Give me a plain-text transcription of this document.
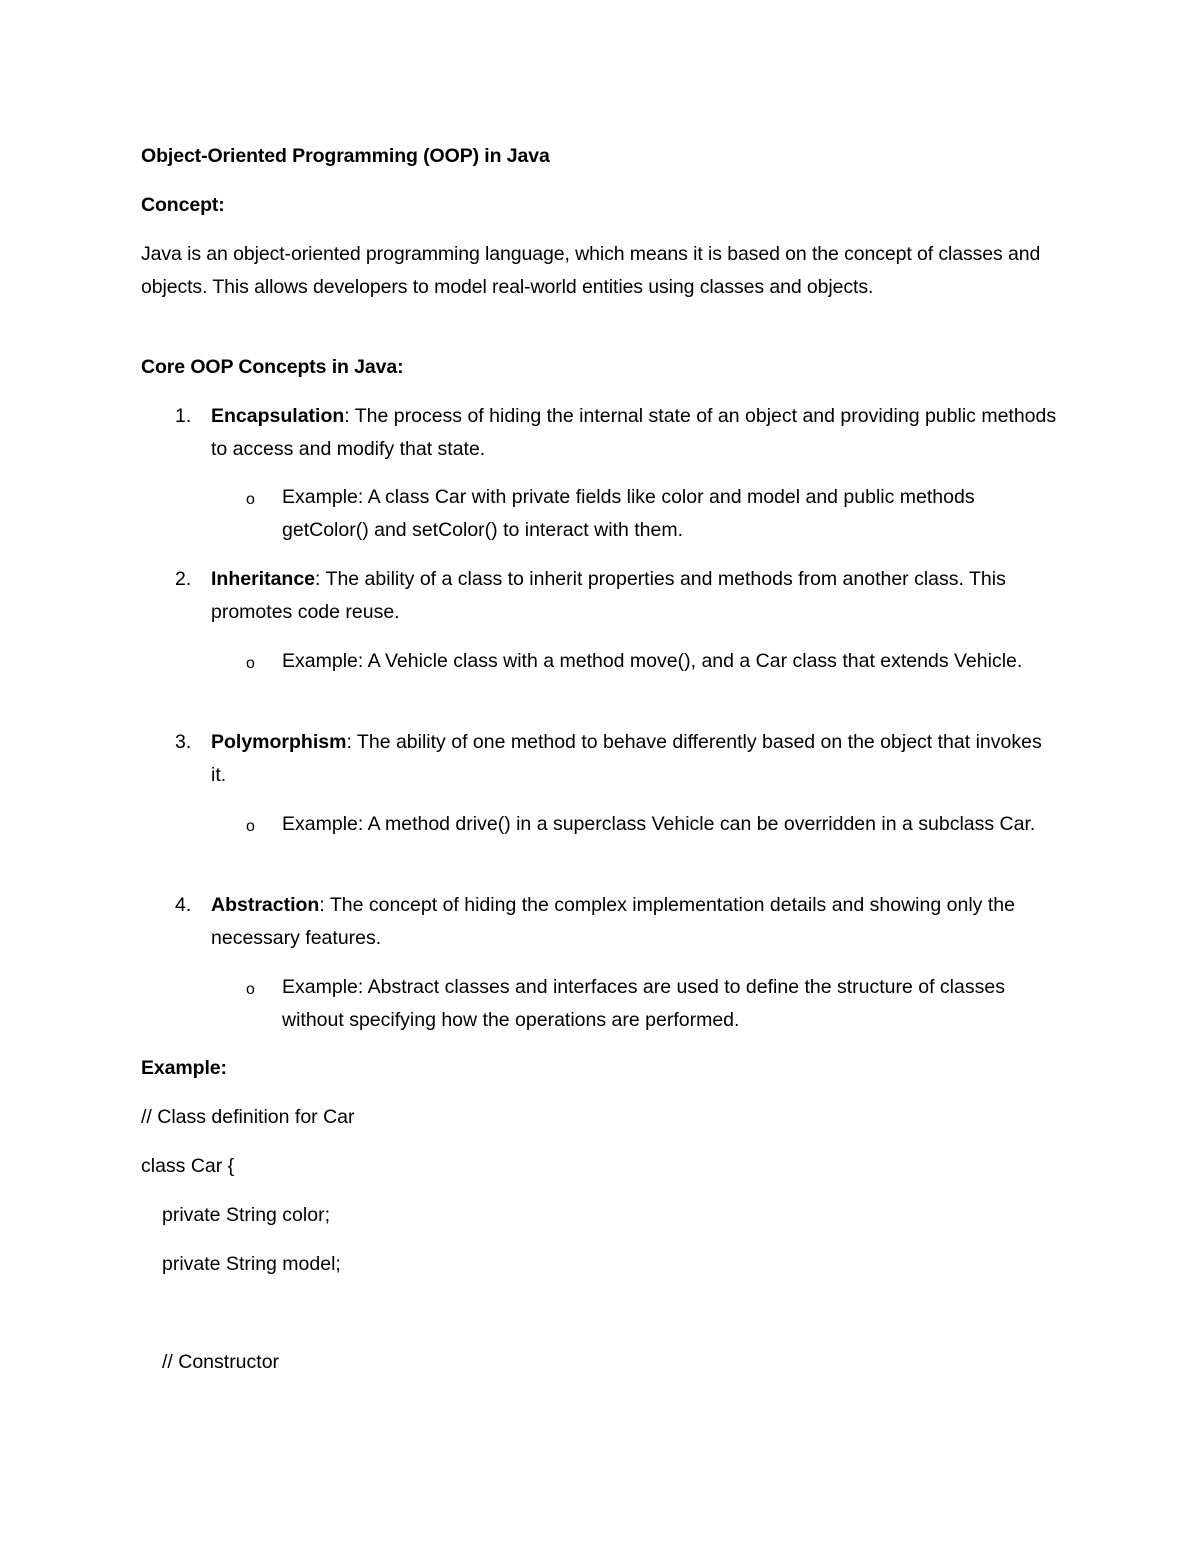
Object-Oriented Programming (OOP) in Java
Concept:
Java is an object-oriented programming language, which means it is based on the concept of classes and objects. This allows developers to model real-world entities using classes and objects.
Core OOP Concepts in Java:
1.	Encapsulation: The process of hiding the internal state of an object and providing public methods to access and modify that state.
o Example: A class Car with private fields like color and model and public methods getColor() and setColor() to interact with them.
2.	Inheritance: The ability of a class to inherit properties and methods from another class. This promotes code reuse.
o Example: A Vehicle class with a method move(), and a Car class that extends Vehicle.
3.	Polymorphism: The ability of one method to behave differently based on the object that invokes it.
o Example: A method drive() in a superclass Vehicle can be overridden in a subclass Car.
4.	Abstraction: The concept of hiding the complex implementation details and showing only the necessary features.
o Example: Abstract classes and interfaces are used to define the structure of classes without specifying how the operations are performed.
Example:
// Class definition for Car
class Car {
private String color;
private String model;
// Constructor
